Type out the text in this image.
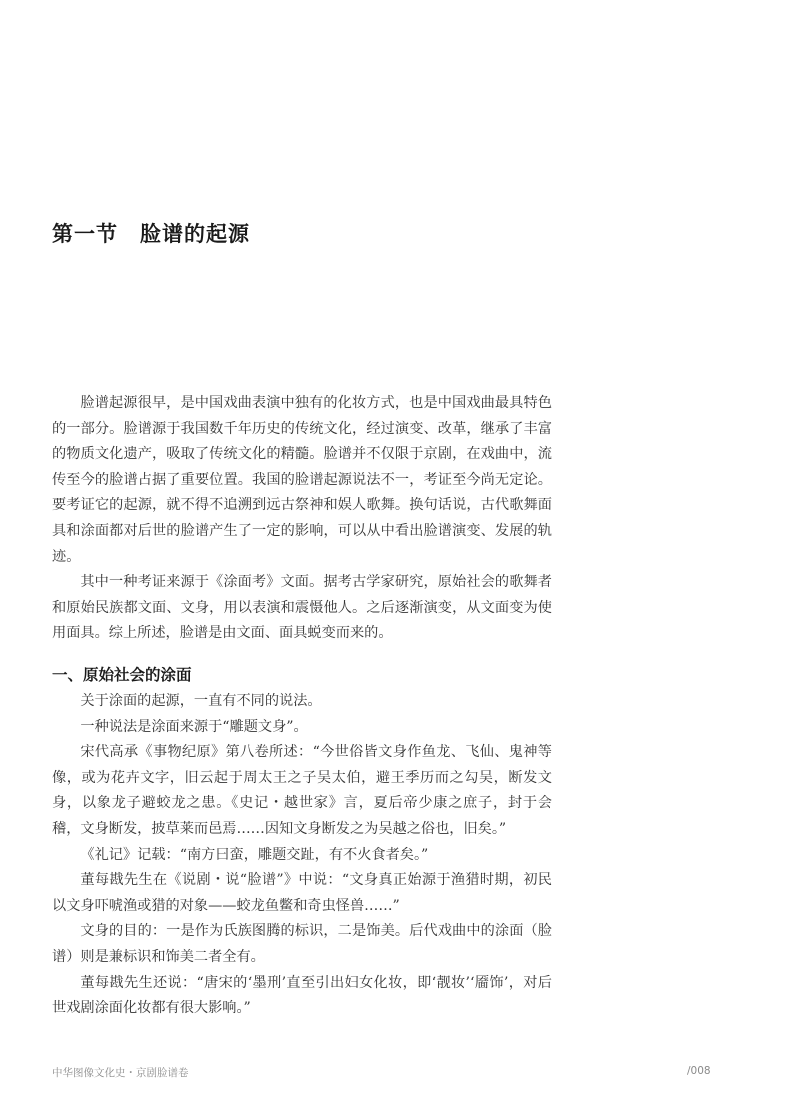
第一节 脸谱的起源

脸谱起源很早，是中国戏曲表演中独有的化妆方式，也是中国戏曲最具特色的一部分。脸谱源于我国数千年历史的传统文化，经过演变、改革，继承了丰富的物质文化遗产，吸取了传统文化的精髓。脸谱并不仅限于京剧，在戏曲中，流传至今的脸谱占据了重要位置。我国的脸谱起源说法不一，考证至今尚无定论。要考证它的起源，就不得不追溯到远古祭神和娱人歌舞。换句话说，古代歌舞面具和涂面都对后世的脸谱产生了一定的影响，可以从中看出脸谱演变、发展的轨迹。

其中一种考证来源于《涂面考》文面。据考古学家研究，原始社会的歌舞者和原始民族都文面、文身，用以表演和震慑他人。之后逐渐演变，从文面变为使用面具。综上所述，脸谱是由文面、面具蜕变而来的。

一、原始社会的涂面

关于涂面的起源，一直有不同的说法。

一种说法是涂面来源于“雕题文身”。

宋代高承《事物纪原》第八卷所述：“今世俗皆文身作鱼龙、飞仙、鬼神等像，或为花卉文字，旧云起于周太王之子吴太伯，避王季历而之勾吴，断发文身，以象龙子避蛟龙之患。《史记・越世家》言，夏后帝少康之庶子，封于会稽，文身断发，披草莱而邑焉……因知文身断发之为吴越之俗也，旧矣。”

《礼记》记载：“南方曰蛮，雕题交趾，有不火食者矣。”

董每戡先生在《说剧・说“脸谱”》中说：“文身真正始源于渔猎时期，初民以文身吓唬渔或猎的对象——蛟龙鱼鳖和奇虫怪兽……”

文身的目的：一是作为氏族图腾的标识，二是饰美。后代戏曲中的涂面（脸谱）则是兼标识和饰美二者全有。

董每戡先生还说：“唐宋的‘墨刑’直至引出妇女化妆，即‘靓妆’‘靥饰’，对后世戏剧涂面化妆都有很大影响。”

中华图像文化史・京剧脸谱卷	/008
